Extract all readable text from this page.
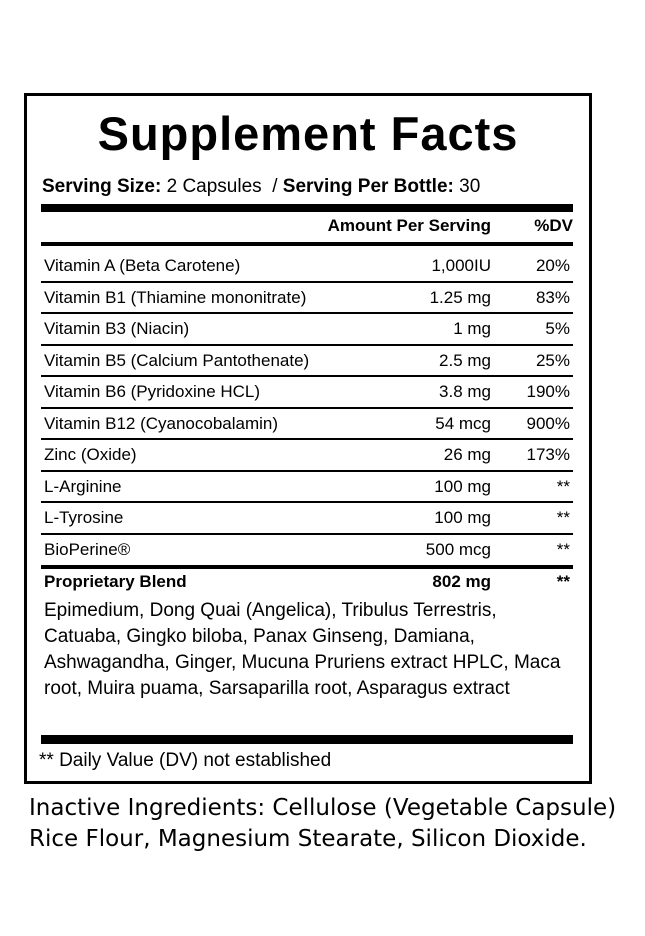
Supplement Facts
Serving Size: 2 Capsules  / Serving Per Bottle: 30
Amount Per Serving	%DV
Vitamin A (Beta Carotene)	1,000IU	20%
Vitamin B1 (Thiamine mononitrate)	1.25 mg	83%
Vitamin B3 (Niacin)	1 mg	5%
Vitamin B5 (Calcium Pantothenate)	2.5 mg	25%
Vitamin B6 (Pyridoxine HCL)	3.8 mg 190%
Vitamin B12 (Cyanocobalamin)	54 mcg 900%
Zinc (Oxide)	26 mg 173%
L-Arginine	100 mg	**
L-Tyrosine	100 mg	**
BioPerine®	500 mcg	**
Proprietary Blend	802 mg	**
Epimedium, Dong Quai (Angelica), Tribulus Terrestris, Catuaba, Gingko biloba, Panax Ginseng, Damiana, Ashwagandha, Ginger, Mucuna Pruriens extract HPLC, Maca root, Muira puama, Sarsaparilla root, Asparagus extract
** Daily Value (DV) not established
Inactive Ingredients: Cellulose (Vegetable Capsule)
Rice Flour, Magnesium Stearate, Silicon Dioxide.
